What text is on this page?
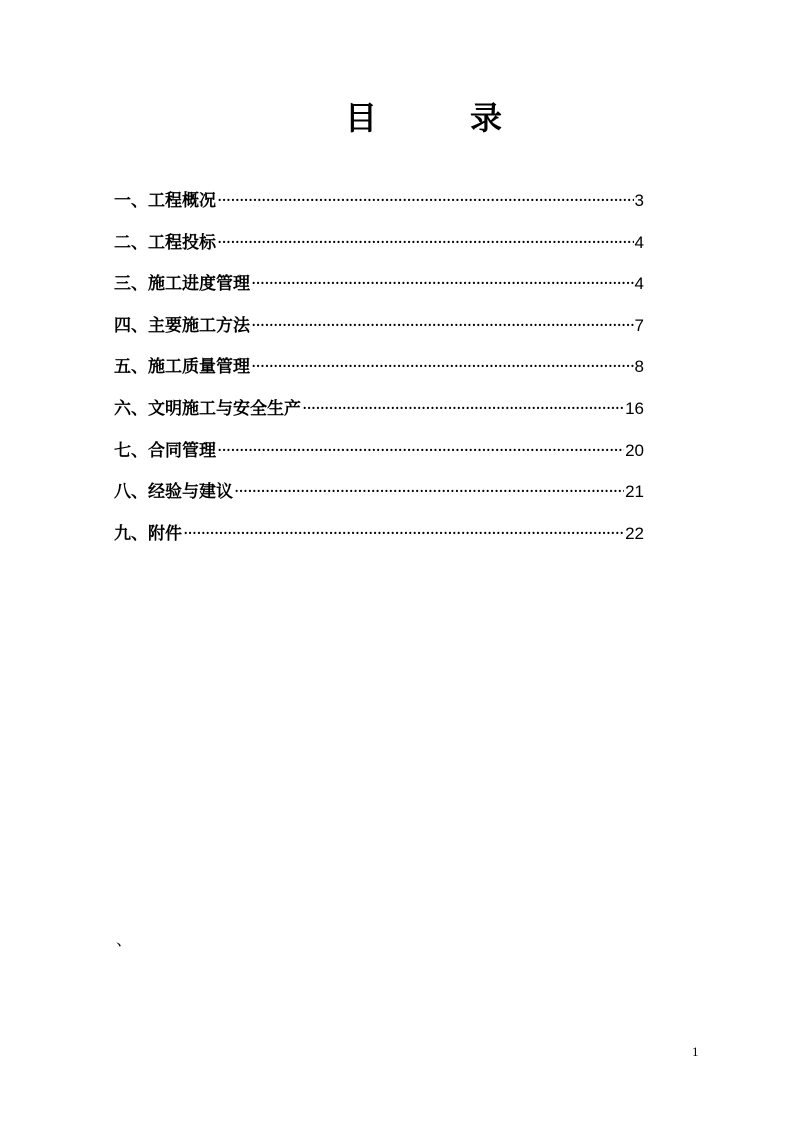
目	录
一、工程概况 ·····	3
二、工程投标 ·····	4
三、施工进度管理 ·····	4
四、主要施工方法 ·····	7
五、施工质量管理 ·····	8
六、文明施工与安全生产 ·····	16
七、合同管理 ·····	20
八、经验与建议 ·····	21
九、附件 ·····	22
、
1
